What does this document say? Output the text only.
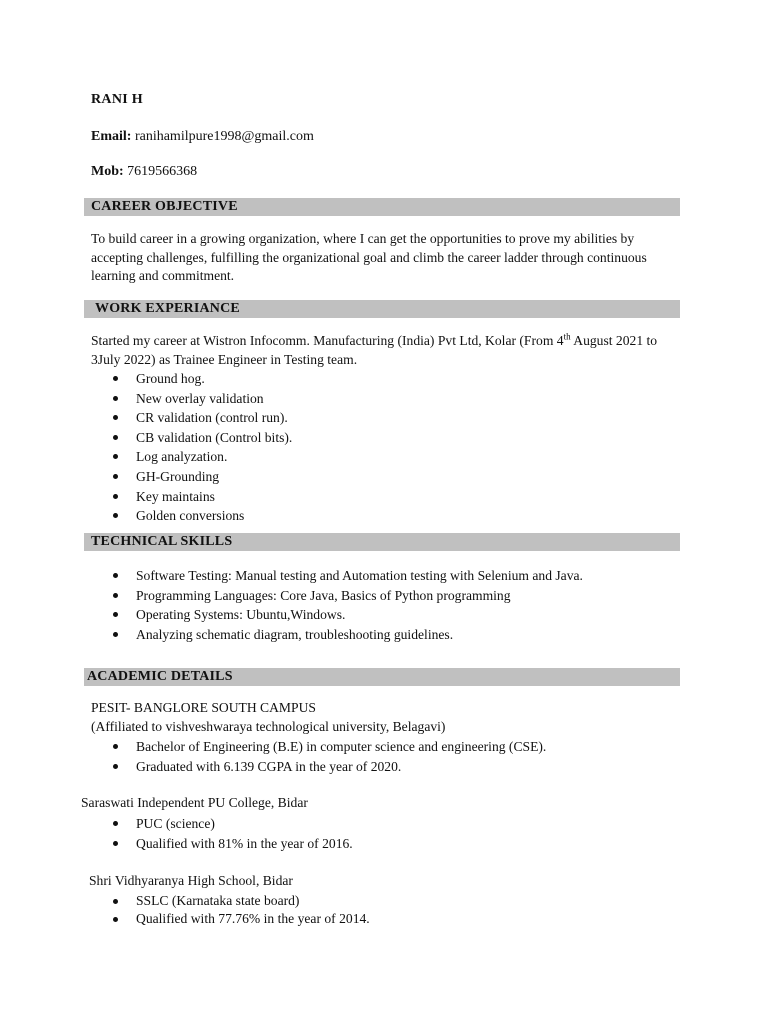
RANI H
Email: ranihamilpure1998@gmail.com
Mob: 7619566368
CAREER OBJECTIVE

To build career in a growing organization, where I can get the opportunities to prove my abilities by accepting challenges, fulfilling the organizational goal and climb the career ladder through continuous learning and commitment.

WORK EXPERIANCE

Started my career at Wistron Infocomm. Manufacturing (India) Pvt Ltd, Kolar (From 4th August 2021 to 3July 2022) as Trainee Engineer in Testing team.

Ground hog.
New overlay validation
CR validation (control run).
CB validation (Control bits).
Log analyzation.
GH-Grounding
Key maintains
Golden conversions
TECHNICAL SKILLS
Software Testing: Manual testing and Automation testing with Selenium and Java.
Programming Languages: Core Java, Basics of Python programming
Operating Systems: Ubuntu,Windows.
Analyzing schematic diagram, troubleshooting guidelines.
ACADEMIC DETAILS
PESIT- BANGLORE SOUTH CAMPUS
(Affiliated to vishveshwaraya technological university, Belagavi)
Bachelor of Engineering (B.E) in computer science and engineering (CSE).
Graduated with 6.139 CGPA in the year of 2020.
Saraswati Independent PU College, Bidar
PUC (science)
Qualified with 81% in the year of 2016.
Shri Vidhyaranya High School, Bidar
SSLC (Karnataka state board)
Qualified with 77.76% in the year of 2014.
